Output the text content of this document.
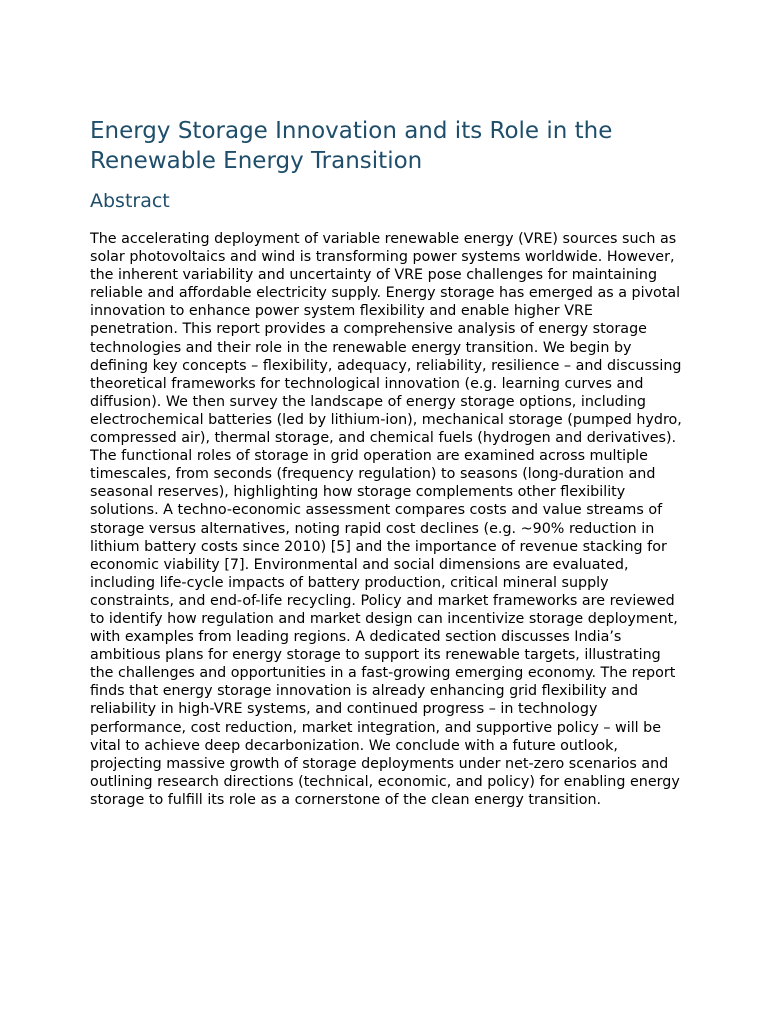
Energy Storage Innovation and its Role in the Renewable Energy Transition
Abstract

The accelerating deployment of variable renewable energy (VRE) sources such as solar photovoltaics and wind is transforming power systems worldwide. However, the inherent variability and uncertainty of VRE pose challenges for maintaining reliable and affordable electricity supply. Energy storage has emerged as a pivotal innovation to enhance power system flexibility and enable higher VRE penetration. This report provides a comprehensive analysis of energy storage technologies and their role in the renewable energy transition. We begin by defining key concepts – flexibility, adequacy, reliability, resilience – and discussing theoretical frameworks for technological innovation (e.g. learning curves and diffusion). We then survey the landscape of energy storage options, including electrochemical batteries (led by lithium-ion), mechanical storage (pumped hydro, compressed air), thermal storage, and chemical fuels (hydrogen and derivatives). The functional roles of storage in grid operation are examined across multiple timescales, from seconds (frequency regulation) to seasons (long-duration and seasonal reserves), highlighting how storage complements other flexibility solutions. A techno-economic assessment compares costs and value streams of storage versus alternatives, noting rapid cost declines (e.g. ~90% reduction in lithium battery costs since 2010) [5] and the importance of revenue stacking for economic viability [7]. Environmental and social dimensions are evaluated, including life-cycle impacts of battery production, critical mineral supply constraints, and end-of-life recycling. Policy and market frameworks are reviewed to identify how regulation and market design can incentivize storage deployment, with examples from leading regions. A dedicated section discusses India’s ambitious plans for energy storage to support its renewable targets, illustrating the challenges and opportunities in a fast-growing emerging economy. The report finds that energy storage innovation is already enhancing grid flexibility and reliability in high-VRE systems, and continued progress – in technology performance, cost reduction, market integration, and supportive policy – will be vital to achieve deep decarbonization. We conclude with a future outlook, projecting massive growth of storage deployments under net-zero scenarios and outlining research directions (technical, economic, and policy) for enabling energy storage to fulfill its role as a cornerstone of the clean energy transition.
